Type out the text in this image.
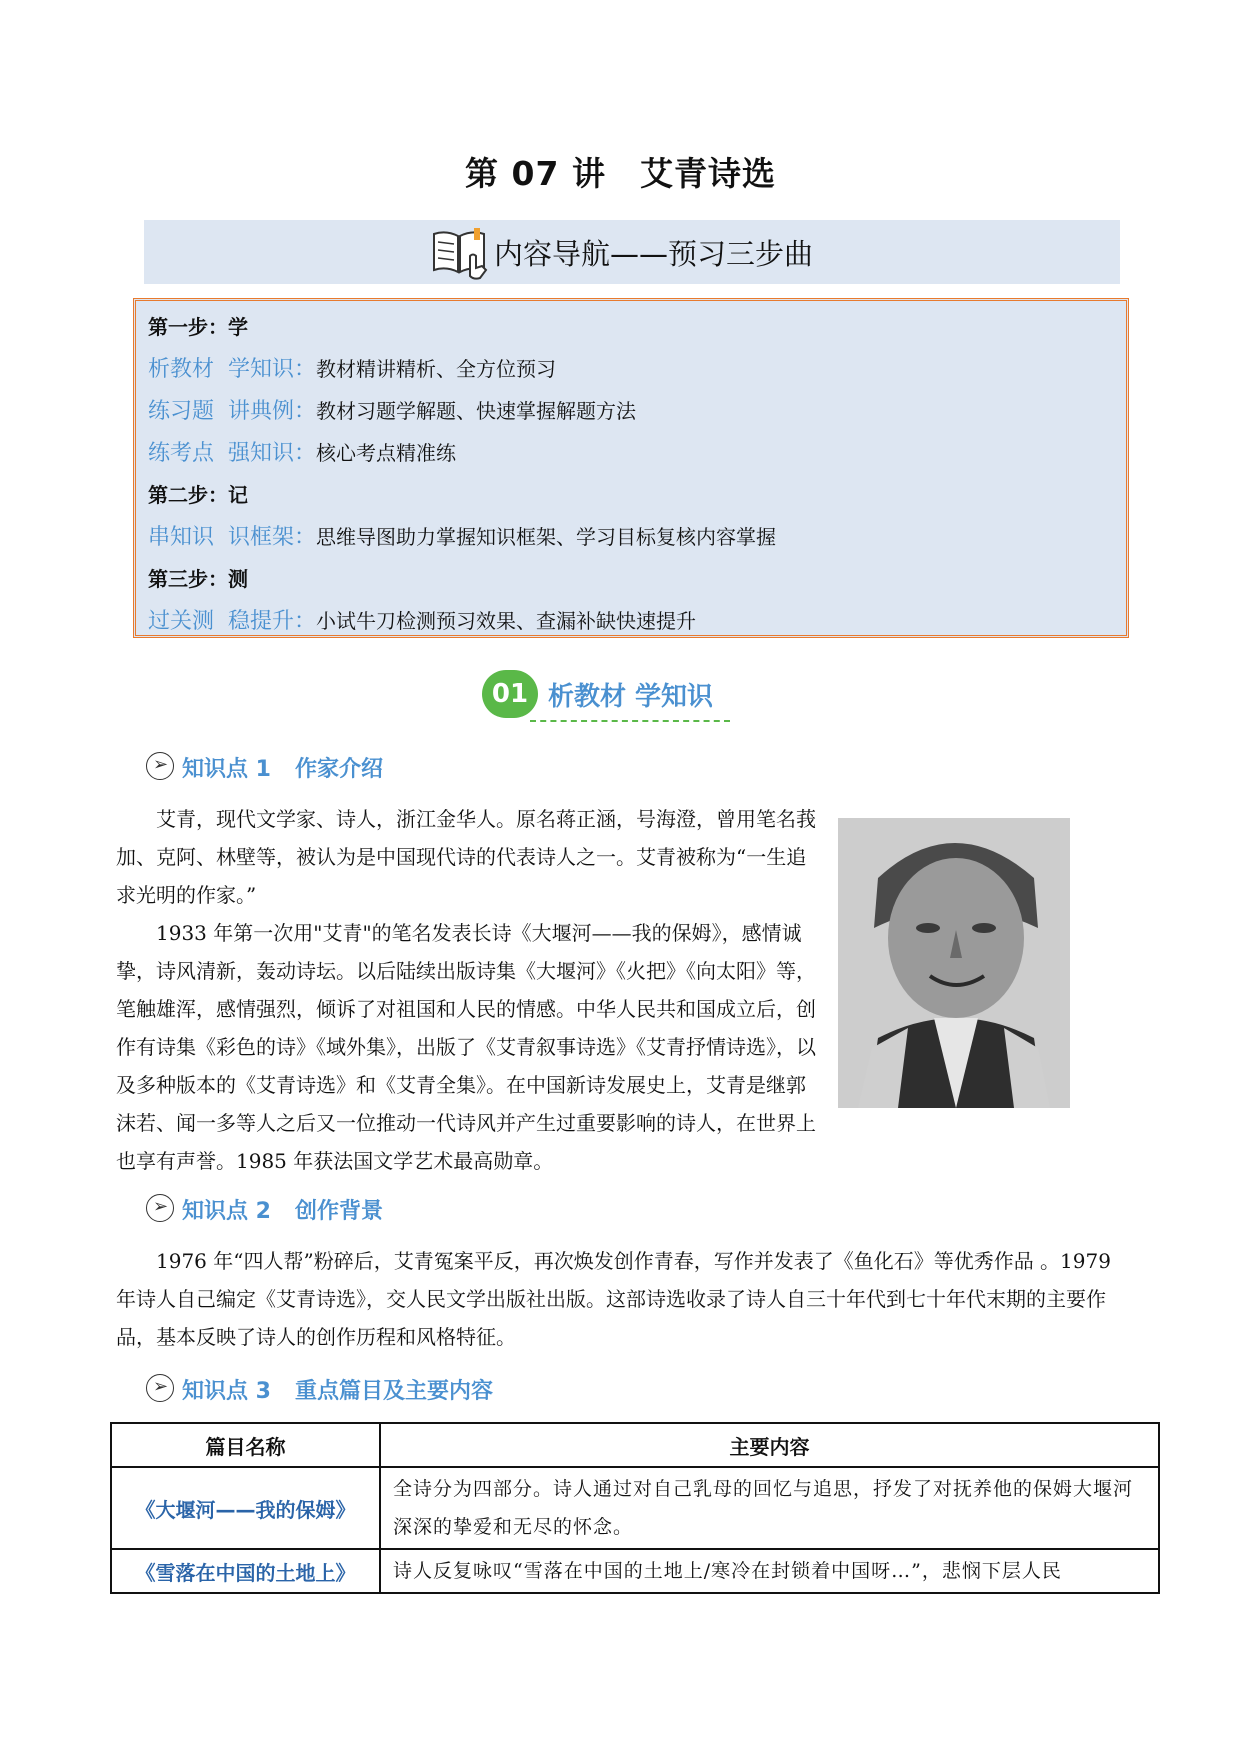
第 07 讲 艾青诗选
内容导航——预习三步曲
第一步：学
析教材 学知识：教材精讲精析、全方位预习
练习题 讲典例：教材习题学解题、快速掌握解题方法
练考点 强知识：核心考点精准练
第二步：记
串知识 识框架：思维导图助力掌握知识框架、学习目标复核内容掌握
第三步：测
过关测 稳提升：小试牛刀检测预习效果、查漏补缺快速提升
01 析教材 学知识
➢ 知识点 1 作家介绍

艾青，现代文学家、诗人，浙江金华人。原名蒋正涵，号海澄，曾用笔名莪加、克阿、林壁等，被认为是中国现代诗的代表诗人之一。艾青被称为“一生追求光明的作家。”

1933 年第一次用"艾青"的笔名发表长诗《大堰河——我的保姆》，感情诚挚，诗风清新，轰动诗坛。以后陆续出版诗集《大堰河》《火把》《向太阳》等，笔触雄浑，感情强烈，倾诉了对祖国和人民的情感。中华人民共和国成立后，创作有诗集《彩色的诗》《域外集》，出版了《艾青叙事诗选》《艾青抒情诗选》，以及多种版本的《艾青诗选》和《艾青全集》。在中国新诗发展史上，艾青是继郭沫若、闻一多等人之后又一位推动一代诗风并产生过重要影响的诗人，在世界上也享有声誉。1985 年获法国文学艺术最高勋章。

➢ 知识点 2 创作背景

1976 年“四人帮”粉碎后，艾青冤案平反，再次焕发创作青春，写作并发表了《鱼化石》等优秀作品 。1979 年诗人自己编定《艾青诗选》，交人民文学出版社出版。这部诗选收录了诗人自三十年代到七十年代末期的主要作品，基本反映了诗人的创作历程和风格特征。

➢ 知识点 3 重点篇目及主要内容
篇目名称	主要内容
《大堰河——我的保姆》	全诗分为四部分。诗人通过对自己乳母的回忆与追思，抒发了对抚养他的保姆大堰河深深的挚爱和无尽的怀念。
《雪落在中国的土地上》	诗人反复咏叹“雪落在中国的土地上/寒冷在封锁着中国呀…”，悲悯下层人民
